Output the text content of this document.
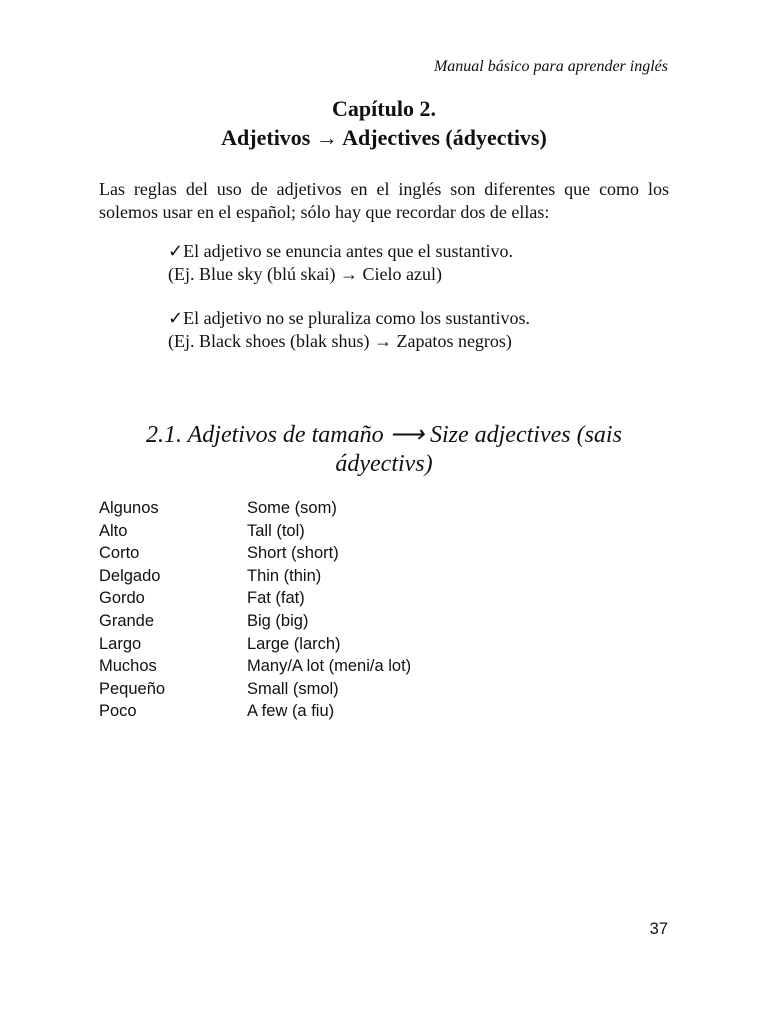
Manual básico para aprender inglés
Capítulo 2.
Adjetivos → Adjectives (ádyectivs)

Las reglas del uso de adjetivos en el inglés son diferentes que como los solemos usar en el español; sólo hay que recordar dos de ellas:

✓El adjetivo se enuncia antes que el sustantivo.
(Ej. Blue sky (blú skai) → Cielo azul)
✓El adjetivo no se pluraliza como los sustantivos.
(Ej. Black shoes (blak shus) → Zapatos negros)
2.1. Adjetivos de tamaño ⟶ Size adjectives (sais ádyectivs)
Algunos	Some (som)
Alto	Tall (tol)
Corto	Short (short)
Delgado	Thin (thin)
Gordo	Fat (fat)
Grande	Big (big)
Largo	Large (larch)
Muchos	Many/A lot (meni/a lot)
Pequeño	Small (smol)
Poco	A few (a fiu)
37
